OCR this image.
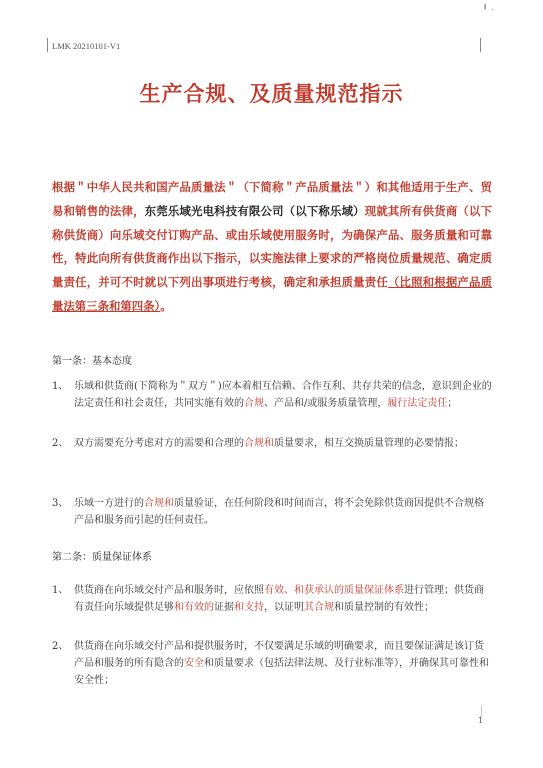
╹ ·
LMK 20210101-V1
生产合规、及质量规范指示
根据＂中华人民共和国产品质量法＂（下简称＂产品质量法＂）和其他适用于生产、贸易和销售的法律，东莞乐域光电科技有限公司（以下称乐域）现就其所有供货商（以下称供货商）向乐域交付订购产品、或由乐域使用服务时，为确保产品、服务质量和可靠性，特此向所有供货商作出以下指示，以实施法律上要求的严格岗位质量规范、确定质量责任，并可不时就以下列出事项进行考核，确定和承担质量责任（比照和根据产品质量法第三条和第四条）。
第一条：基本态度
1、 乐域和供货商(下简称为＂双方＂)应本着相互信赖、合作互利、共存共荣的信念，意识到企业的法定责任和社会责任，共同实施有效的合规、产品和/或服务质量管理，履行法定责任；
2、 双方需要充分考虑对方的需要和合理的合规和质量要求，相互交换质量管理的必要情报；
3、 乐域一方进行的合规和质量验证，在任何阶段和时间而言，将不会免除供货商因提供不合规格产品和服务而引起的任何责任。
第二条：质量保证体系
1、 供货商在向乐域交付产品和服务时，应依照有效、和获承认的质量保证体系进行管理；供货商有责任向乐域提供足够和有效的证据和支持，以证明其合规和质量控制的有效性；
2、 供货商在向乐域交付产品和提供服务时，不仅要满足乐域的明确要求，而且要保证满足该订货产品和服务的所有隐含的安全和质量要求（包括法律法规、及行业标准等），并确保其可靠性和安全性；
1
